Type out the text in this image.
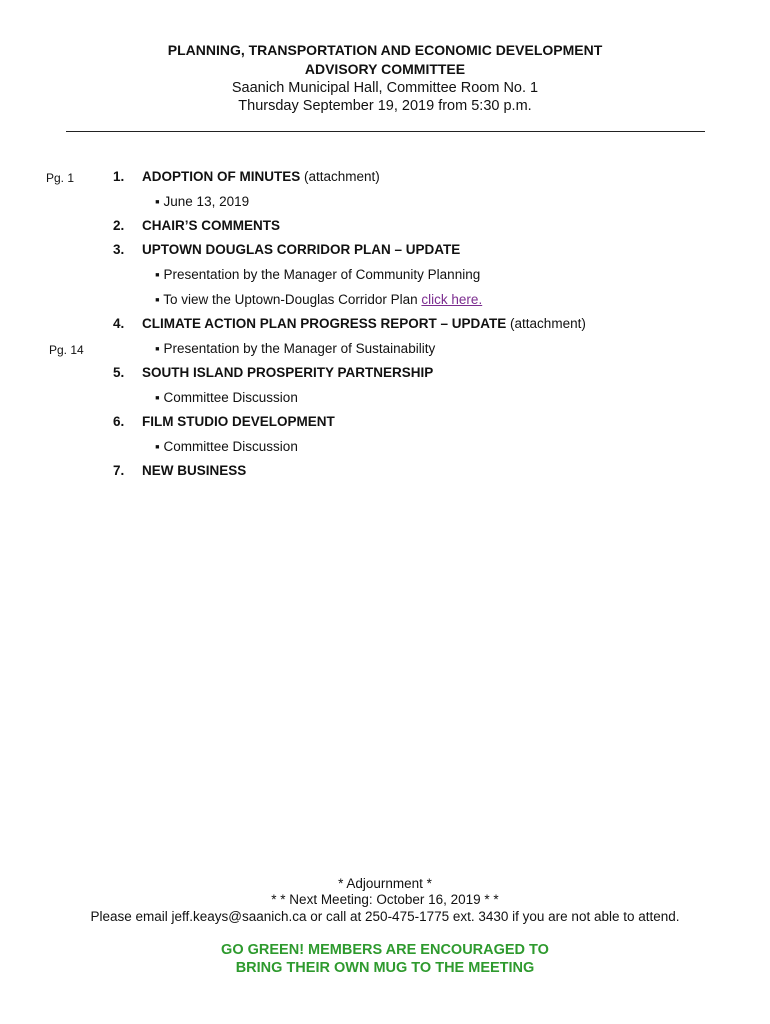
PLANNING, TRANSPORTATION AND ECONOMIC DEVELOPMENT
ADVISORY COMMITTEE
Saanich Municipal Hall, Committee Room No. 1
Thursday September 19, 2019 from 5:30 p.m.
Pg. 1
Pg. 14
1. ADOPTION OF MINUTES (attachment)
▪ June 13, 2019
2. CHAIR’S COMMENTS
3. UPTOWN DOUGLAS CORRIDOR PLAN – UPDATE
▪ Presentation by the Manager of Community Planning
▪ To view the Uptown-Douglas Corridor Plan click here.
4. CLIMATE ACTION PLAN PROGRESS REPORT – UPDATE (attachment)
▪ Presentation by the Manager of Sustainability
5. SOUTH ISLAND PROSPERITY PARTNERSHIP
▪ Committee Discussion
6. FILM STUDIO DEVELOPMENT
▪ Committee Discussion
7. NEW BUSINESS
* Adjournment *
* * Next Meeting: October 16, 2019 * *
Please email jeff.keays@saanich.ca or call at 250-475-1775 ext. 3430 if you are not able to attend.
GO GREEN! MEMBERS ARE ENCOURAGED TO
BRING THEIR OWN MUG TO THE MEETING
